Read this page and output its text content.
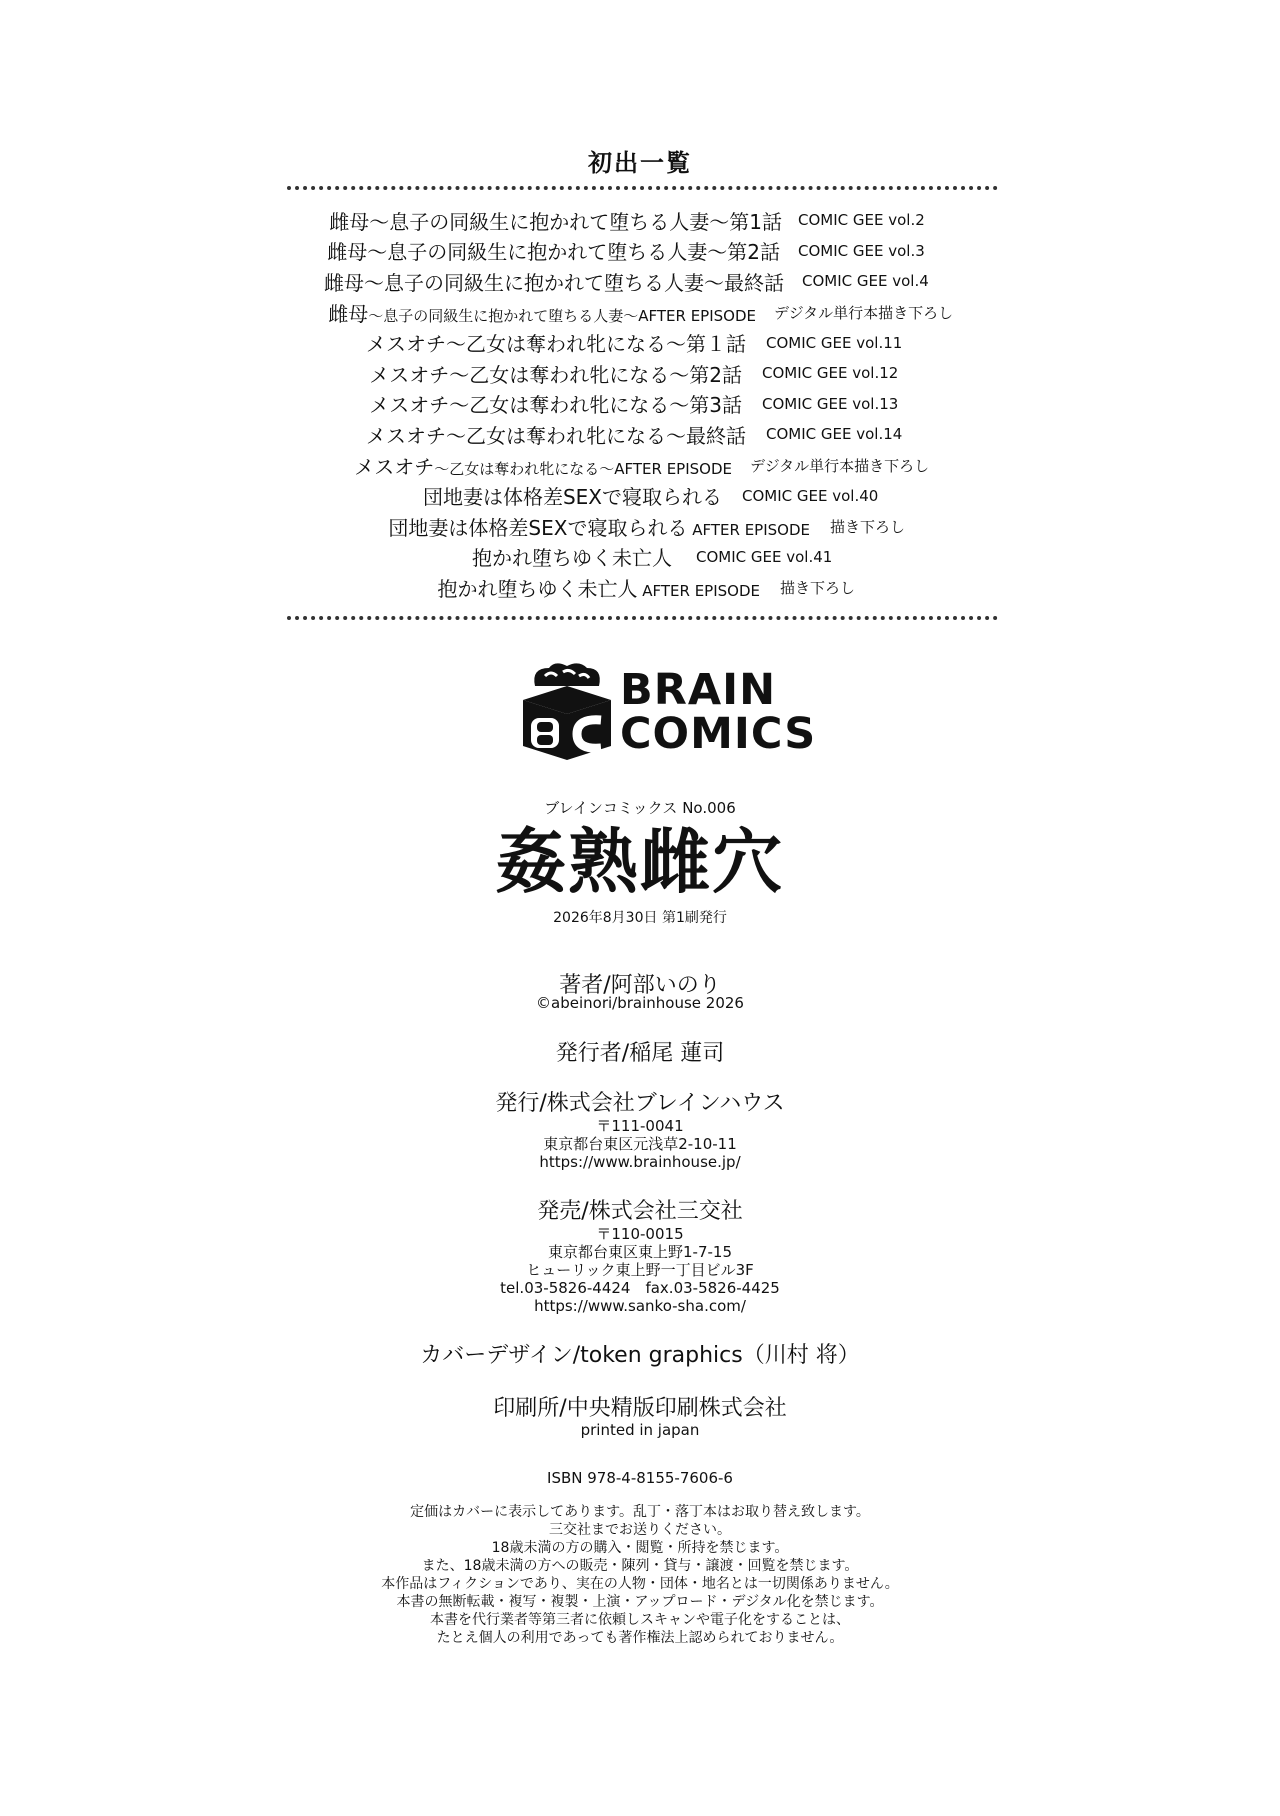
初出一覧
雌母〜息子の同級生に抱かれて堕ちる人妻〜第1話 COMIC GEE vol.2
雌母〜息子の同級生に抱かれて堕ちる人妻〜第2話 COMIC GEE vol.3
雌母〜息子の同級生に抱かれて堕ちる人妻〜最終話 COMIC GEE vol.4
雌母〜息子の同級生に抱かれて堕ちる人妻〜AFTER EPISODE デジタル単行本描き下ろし
メスオチ〜乙女は奪われ牝になる〜第１話 COMIC GEE vol.11
メスオチ〜乙女は奪われ牝になる〜第2話 COMIC GEE vol.12
メスオチ〜乙女は奪われ牝になる〜第3話 COMIC GEE vol.13
メスオチ〜乙女は奪われ牝になる〜最終話 COMIC GEE vol.14
メスオチ〜乙女は奪われ牝になる〜AFTER EPISODE デジタル単行本描き下ろし
団地妻は体格差SEXで寝取られる COMIC GEE vol.40
団地妻は体格差SEXで寝取られる AFTER EPISODE 描き下ろし
抱かれ堕ちゆく未亡人 COMIC GEE vol.41
抱かれ堕ちゆく未亡人 AFTER EPISODE 描き下ろし
BRAIN
COMICS
ブレインコミックス No.006
姦熟雌穴
2026年8月30日 第1刷発行
著者/阿部いのり
©abeinori/brainhouse 2026
発行者/稲尾 蓮司
発行/株式会社ブレインハウス
〒111-0041
東京都台東区元浅草2-10-11
https://www.brainhouse.jp/
発売/株式会社三交社
〒110-0015
東京都台東区東上野1-7-15
ヒューリック東上野一丁目ビル3F
tel.03-5826-4424　fax.03-5826-4425
https://www.sanko-sha.com/
カバーデザイン/token graphics（川村 将）
印刷所/中央精版印刷株式会社
printed in japan
ISBN 978-4-8155-7606-6
定価はカバーに表示してあります。乱丁・落丁本はお取り替え致します。
三交社までお送りください。
18歳未満の方の購入・閲覧・所持を禁じます。
また、18歳未満の方への販売・陳列・貸与・譲渡・回覧を禁じます。
本作品はフィクションであり、実在の人物・団体・地名とは一切関係ありません。
本書の無断転載・複写・複製・上演・アップロード・デジタル化を禁じます。
本書を代行業者等第三者に依頼しスキャンや電子化をすることは、
たとえ個人の利用であっても著作権法上認められておりません。
